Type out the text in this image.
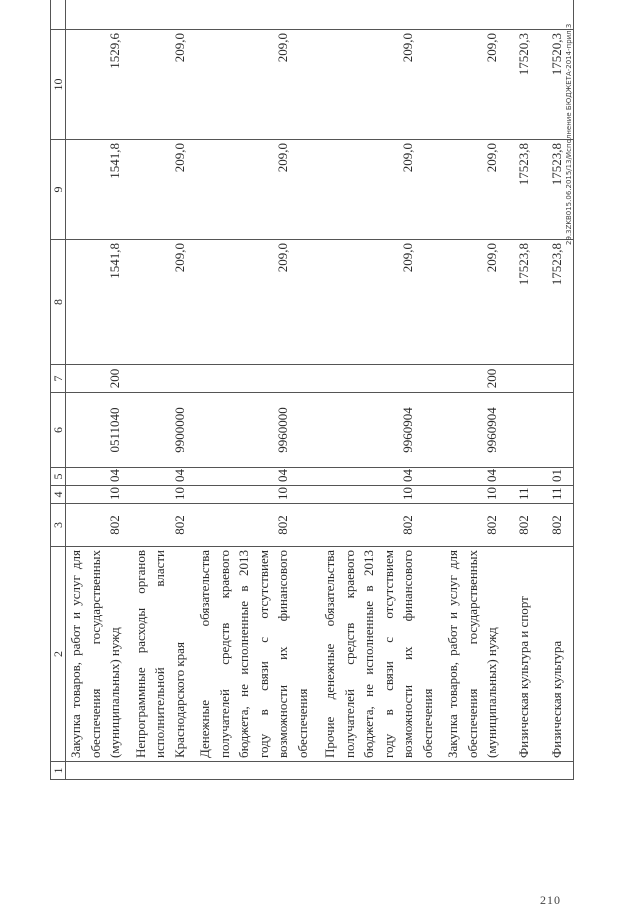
1	2	3	4	5	6	7	8	9	10	
	Закупка товаров, работ и услуг для обеспечения государственных (муниципальных) нужд	802	10	04	0511040	200	1541,8	1541,8	1529,6	
	Непрограммные расходы органов исполнительной власти Краснодарского края	802	10	04	9900000		209,0	209,0	209,0	
	Денежные обязательства получателей средств краевого бюджета, не исполненные в 2013 году в связи с отсутствием возможности их финансового обеспечения	802	10	04	9960000		209,0	209,0	209,0	
	Прочие денежные обязательства получателей средств краевого бюджета, не исполненные в 2013 году в связи с отсутствием возможности их финансового обеспечения	802	10	04	9960904		209,0	209,0	209,0	
	Закупка товаров, работ и услуг для обеспечения государственных (муниципальных) нужд	802	10	04	9960904	200	209,0	209,0	209,0	
	Физическая культура и спорт	802	11				17523,8	17523,8	17520,3	
	Физическая культура	802	11	01			17523,8	17523,8	17520,3	29.3ZKB015.06.2015/13/Исполнение БЮДЖЕТА-2014-прил.3
210
